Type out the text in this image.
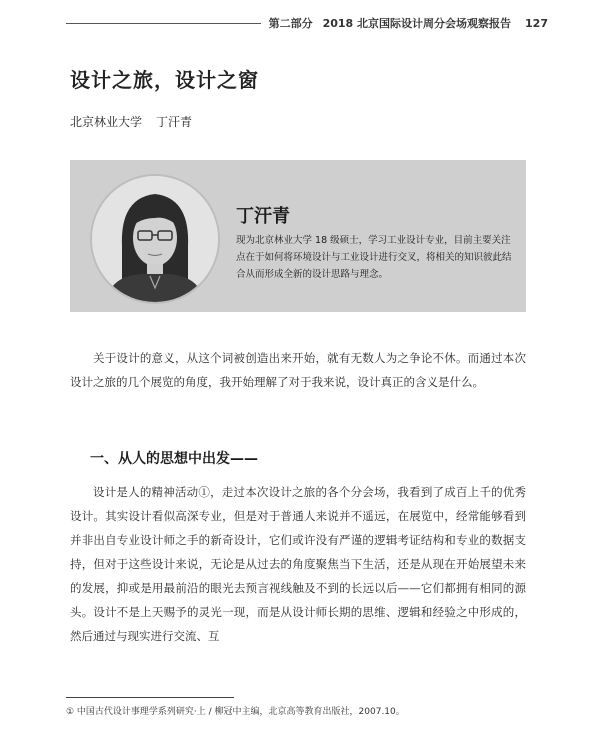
第二部分 2018 北京国际设计周分会场观察报告 127
设计之旅，设计之窗
北京林业大学 丁汗青
丁汗青
现为北京林业大学 18 级硕士，学习工业设计专业，目前主要关注点在于如何将环境设计与工业设计进行交叉，将相关的知识彼此结合从而形成全新的设计思路与理念。

关于设计的意义，从这个词被创造出来开始，就有无数人为之争论不休。而通过本次设计之旅的几个展览的角度，我开始理解了对于我来说，设计真正的含义是什么。

一、从人的思想中出发——

设计是人的精神活动①，走过本次设计之旅的各个分会场，我看到了成百上千的优秀设计。其实设计看似高深专业，但是对于普通人来说并不遥远，在展览中，经常能够看到并非出自专业设计师之手的新奇设计，它们或许没有严谨的逻辑考证结构和专业的数据支持，但对于这些设计来说，无论是从过去的角度聚焦当下生活，还是从现在开始展望未来的发展，抑或是用最前沿的眼光去预言视线触及不到的长远以后——它们都拥有相同的源头。设计不是上天赐予的灵光一现，而是从设计师长期的思维、逻辑和经验之中形成的，然后通过与现实进行交流、互

① 中国古代设计事理学系列研究·上 / 柳冠中主编，北京高等教育出版社，2007.10。
